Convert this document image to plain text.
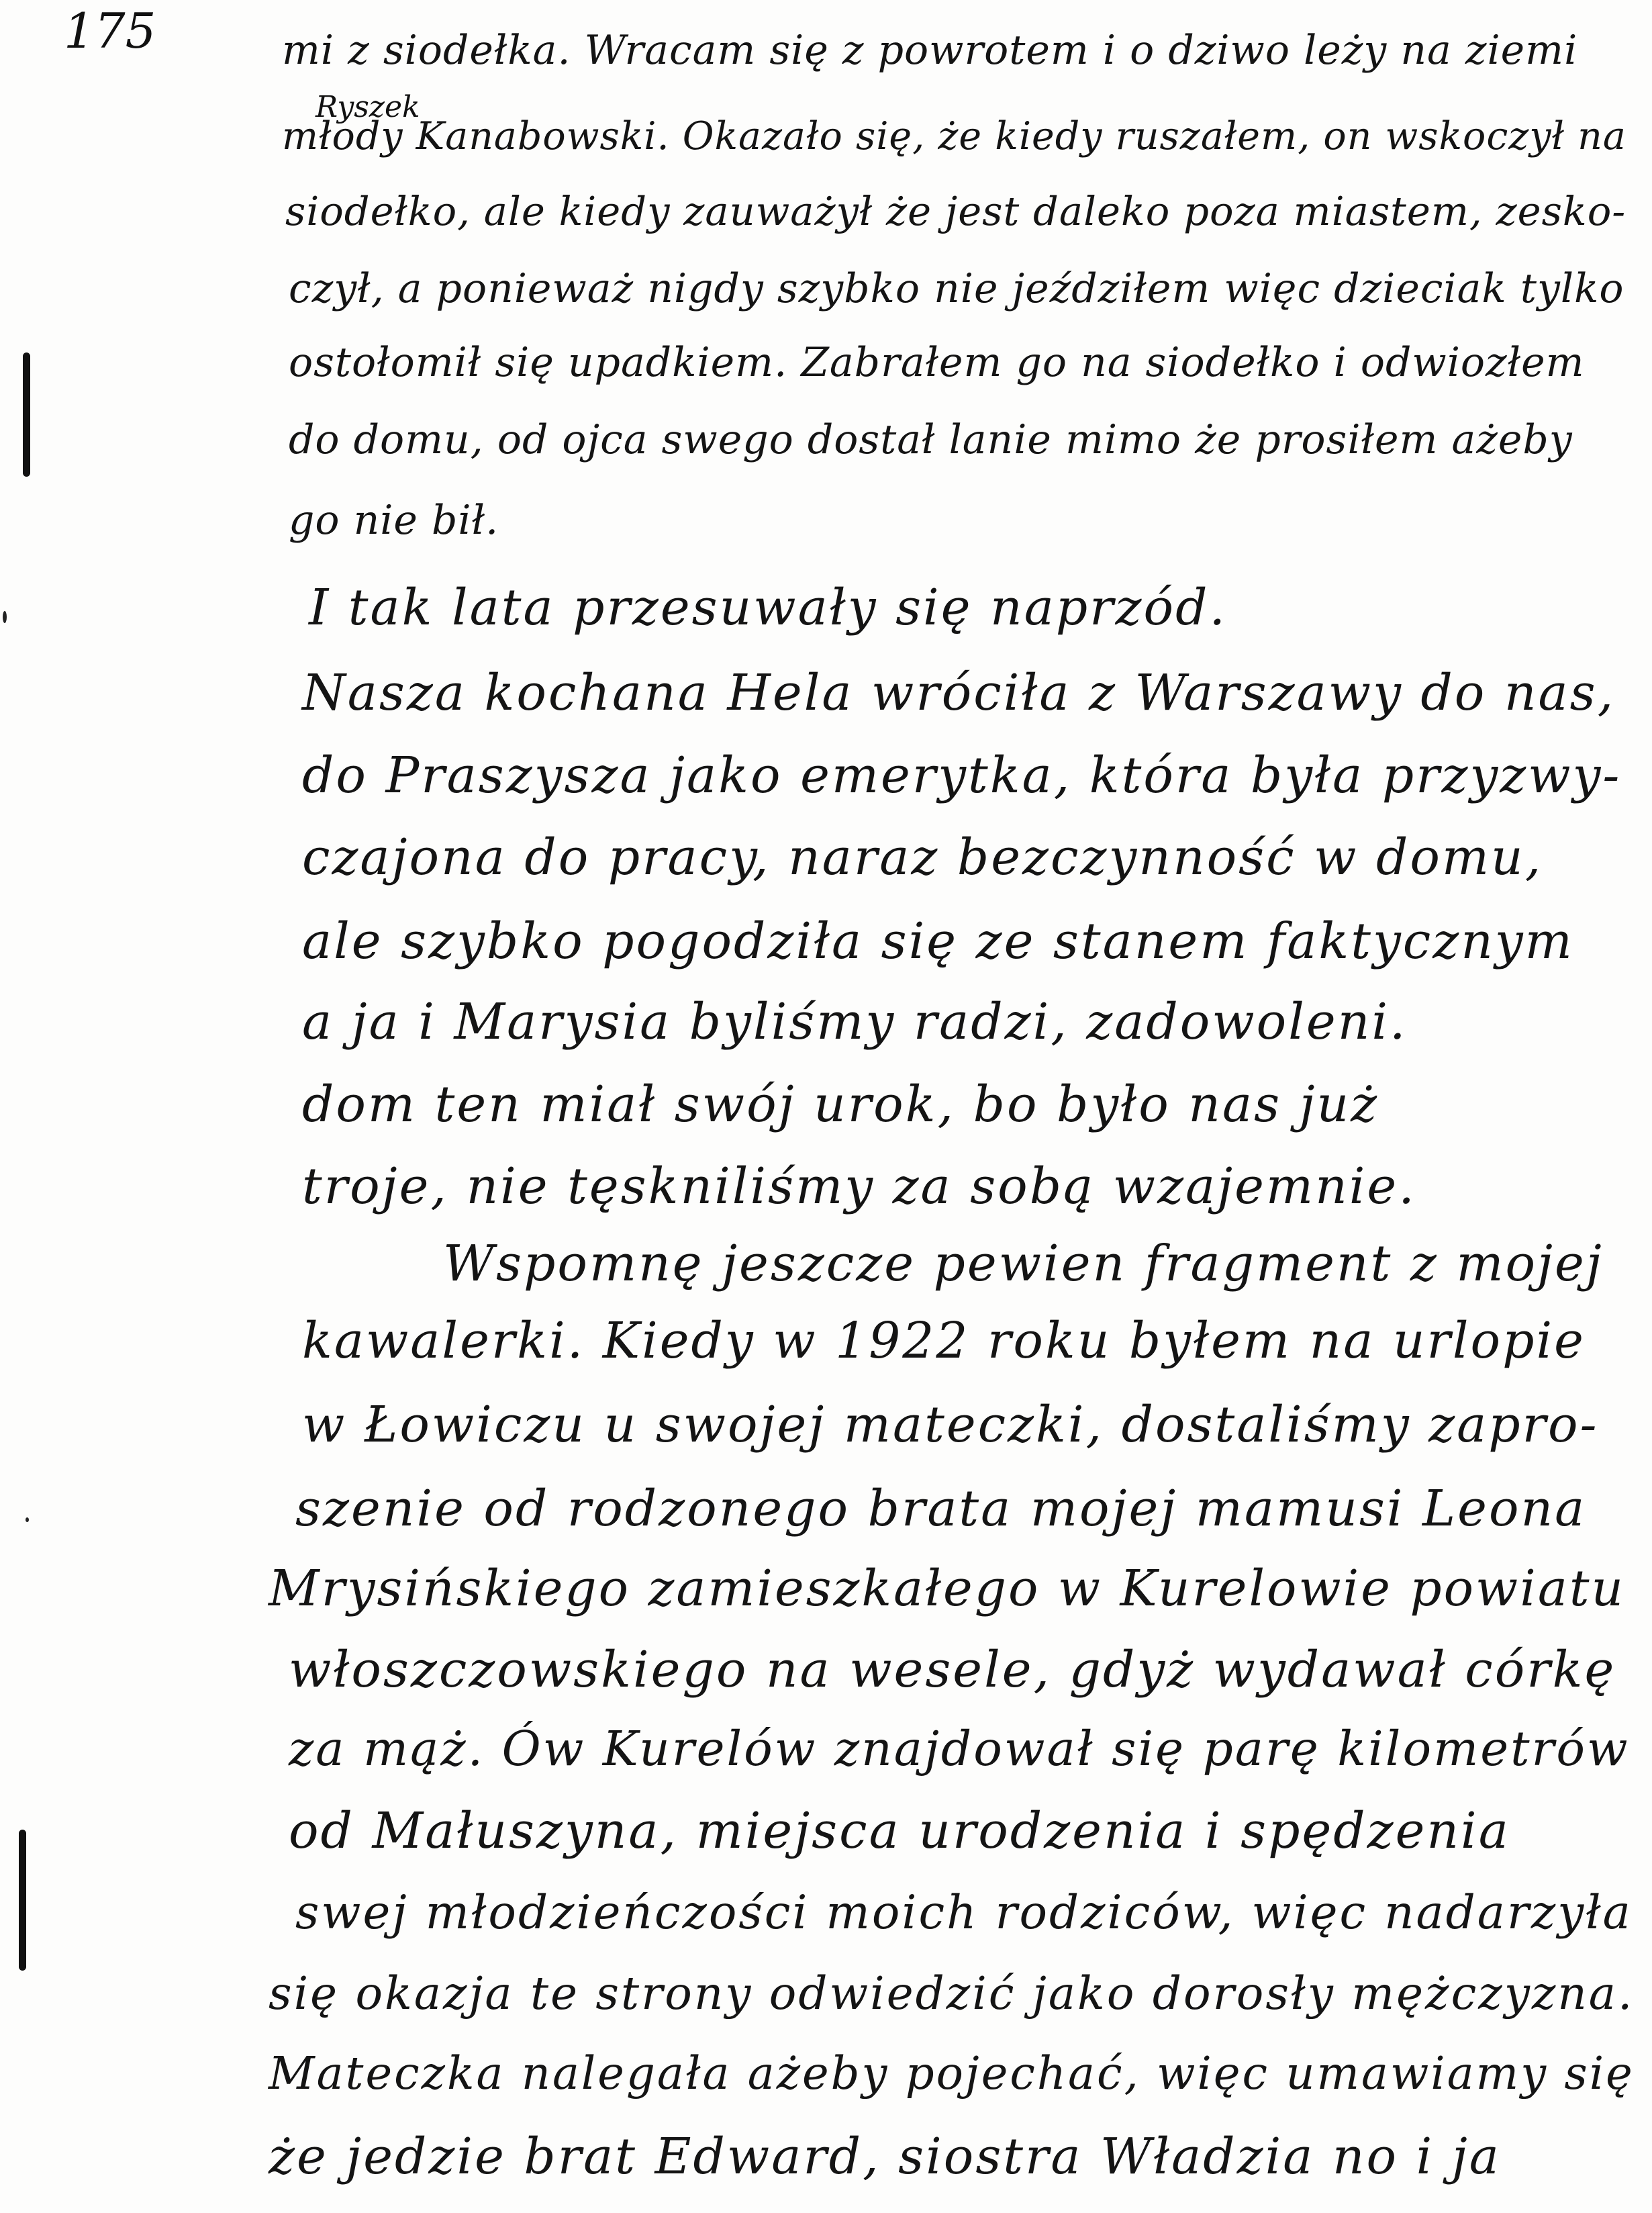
175
Ryszek
mi z siodełka. Wracam się z powrotem i o dziwo leży na ziemi
młody Kanabowski. Okazało się, że kiedy ruszałem, on wskoczył na
siodełko, ale kiedy zauważył że jest daleko poza miastem, zesko-
czył, a ponieważ nigdy szybko nie jeździłem więc dzieciak tylko
ostołomił się upadkiem. Zabrałem go na siodełko i odwiozłem
do domu, od ojca swego dostał lanie mimo że prosiłem ażeby
go nie bił.
I tak lata przesuwały się naprzód.
Nasza kochana Hela wróciła z Warszawy do nas,
do Praszysza jako emerytka, która była przyzwy-
czajona do pracy, naraz bezczynność w domu,
ale szybko pogodziła się ze stanem faktycznym
a ja i Marysia byliśmy radzi, zadowoleni.
dom ten miał swój urok, bo było nas już
troje, nie tęskniliśmy za sobą wzajemnie.
Wspomnę jeszcze pewien fragment z mojej
kawalerki. Kiedy w 1922 roku byłem na urlopie
w Łowiczu u swojej mateczki, dostaliśmy zapro-
szenie od rodzonego brata mojej mamusi Leona
Mrysińskiego zamieszkałego w Kurelowie powiatu
włoszczowskiego na wesele, gdyż wydawał córkę
za mąż. Ów Kurelów znajdował się parę kilometrów
od Małuszyna, miejsca urodzenia i spędzenia
swej młodzieńczości moich rodziców, więc nadarzyła
się okazja te strony odwiedzić jako dorosły mężczyzna.
Mateczka nalegała ażeby pojechać, więc umawiamy się
że jedzie brat Edward, siostra Władzia no i ja
